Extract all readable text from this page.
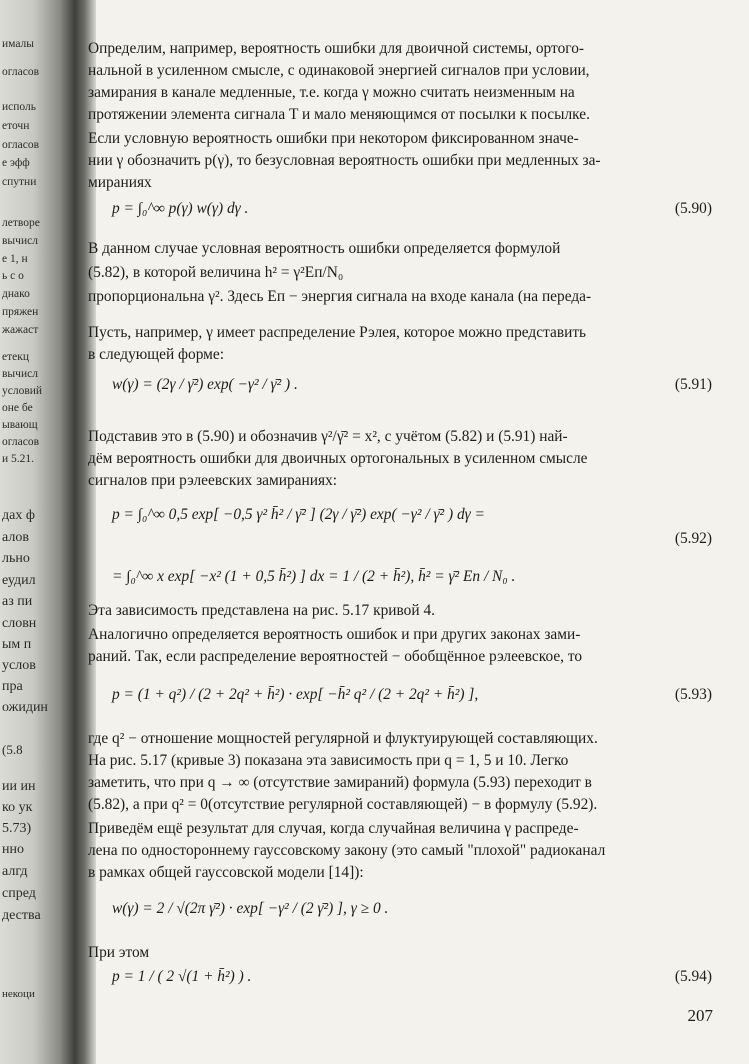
ималы
огласов
исполь
еточн
огласов
е эфф
спутни
летворе
вычисл
е 1, н
ь с о
днако
пряжен
жажаст
етекц
вычисл
условий
оне бе
ывающ
огласов
и 5.21.
дах ф
алов
льно
еудил
аз пи
словн
ым п
услов
пра
ожидин
(5.8
ии ин
ко ук
5.73)
нно
алгд
спред
дества
некоци
Определим, например, вероятность ошибки для двоичной системы, ортого-
нальной в усиленном смысле, с одинаковой энергией сигналов при условии,
замирания в канале медленные, т.е. когда γ можно считать неизменным на
протяжении элемента сигнала T и мало меняющимся от посылки к посылке.
Если условную вероятность ошибки при некотором фиксированном значе-
нии γ обозначить p(γ), то безусловная вероятность ошибки при медленных за-
мираниях
p = ∫₀^∞ p(γ) w(γ) dγ .	(5.90)
В данном случае условная вероятность ошибки определяется формулой
(5.82), в которой величина h² = γ²Eп/N₀
пропорциональна γ². Здесь Eп − энергия сигнала на входе канала (на переда-
Пусть, например, γ имеет распределение Рэлея, которое можно представить
в следующей форме:
w(γ) = (2γ / γ̄²) exp( −γ² / γ̄² ) .	(5.91)
Подставив это в (5.90) и обозначив γ²/γ̄² = x², с учётом (5.82) и (5.91) най-
дём вероятность ошибки для двоичных ортогональных в усиленном смысле
сигналов при рэлеевских замираниях:
p = ∫₀^∞ 0,5 exp[ −0,5 γ² h̄² / γ̄² ] (2γ / γ̄²) exp( −γ² / γ̄² ) dγ =
(5.92)
= ∫₀^∞ x exp[ −x² (1 + 0,5 h̄²) ] dx = 1 / (2 + h̄²), h̄² = γ̄² Eп / N₀ .
Эта зависимость представлена на рис. 5.17 кривой 4.
Аналогично определяется вероятность ошибок и при других законах зами-
раний. Так, если распределение вероятностей − обобщённое рэлеевское, то
p = (1 + q²) / (2 + 2q² + h̄²) · exp[ −h̄² q² / (2 + 2q² + h̄²) ],	(5.93)
где q² − отношение мощностей регулярной и флуктуирующей составляющих.
На рис. 5.17 (кривые 3) показана эта зависимость при q = 1, 5 и 10. Легко
заметить, что при q → ∞ (отсутствие замираний) формула (5.93) переходит в
(5.82), а при q² = 0(отсутствие регулярной составляющей) − в формулу (5.92).
Приведём ещё результат для случая, когда случайная величина γ распреде-
лена по одностороннему гауссовскому закону (это самый "плохой" радиоканал
в рамках общей гауссовской модели [14]):
w(γ) = 2 / √(2π γ̄²) · exp[ −γ² / (2 γ̄²) ], γ ≥ 0 .
При этом
p = 1 / ( 2 √(1 + h̄²) ) .	(5.94)
207
